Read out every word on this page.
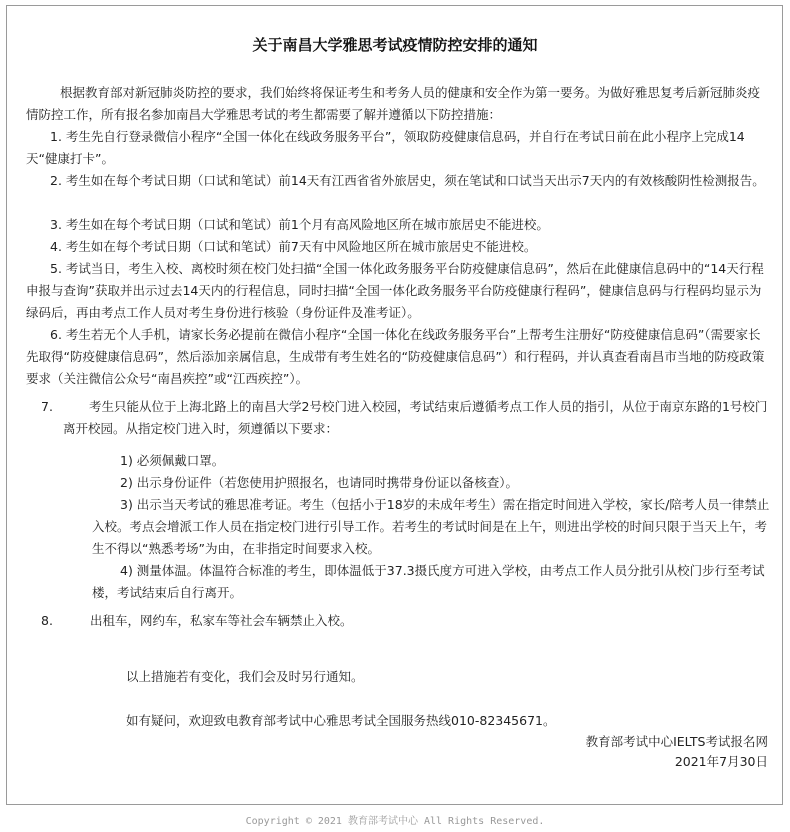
关于南昌大学雅思考试疫情防控安排的通知

根据教育部对新冠肺炎防控的要求，我们始终将保证考生和考务人员的健康和安全作为第一要务。为做好雅思复考后新冠肺炎疫情防控工作，所有报名参加南昌大学雅思考试的考生都需要了解并遵循以下防控措施：

1. 考生先自行登录微信小程序“全国一体化在线政务服务平台”，领取防疫健康信息码，并自行在考试日前在此小程序上完成14天“健康打卡”。

2. 考生如在每个考试日期（口试和笔试）前14天有江西省省外旅居史，须在笔试和口试当天出示7天内的有效核酸阴性检测报告。

3. 考生如在每个考试日期（口试和笔试）前1个月有高风险地区所在城市旅居史不能进校。

4. 考生如在每个考试日期（口试和笔试）前7天有中风险地区所在城市旅居史不能进校。

5. 考试当日，考生入校、离校时须在校门处扫描“全国一体化政务服务平台防疫健康信息码”，然后在此健康信息码中的“14天行程申报与查询”获取并出示过去14天内的行程信息，同时扫描“全国一体化政务服务平台防疫健康行程码”，健康信息码与行程码均显示为绿码后，再由考点工作人员对考生身份进行核验（身份证件及准考证）。

6. 考生若无个人手机，请家长务必提前在微信小程序“全国一体化在线政务服务平台”上帮考生注册好“防疫健康信息码”（需要家长先取得“防疫健康信息码”，然后添加亲属信息，生成带有考生姓名的“防疫健康信息码”）和行程码，并认真查看南昌市当地的防疫政策要求（关注微信公众号“南昌疾控”或“江西疾控”）。

7.	考生只能从位于上海北路上的南昌大学2号校门进入校园，考试结束后遵循考点工作人员的指引，从位于南京东路的1号校门离开校园。从指定校门进入时，须遵循以下要求：

1) 必须佩戴口罩。

2) 出示身份证件（若您使用护照报名，也请同时携带身份证以备核查）。

3) 出示当天考试的雅思准考证。考生（包括小于18岁的未成年考生）需在指定时间进入学校，家长/陪考人员一律禁止入校。考点会增派工作人员在指定校门进行引导工作。若考生的考试时间是在上午，则进出学校的时间只限于当天上午，考生不得以“熟悉考场”为由，在非指定时间要求入校。

4) 测量体温。体温符合标准的考生，即体温低于37.3摄氏度方可进入学校，由考点工作人员分批引从校门步行至考试楼，考试结束后自行离开。

8.	出租车，网约车，私家车等社会车辆禁止入校。

以上措施若有变化，我们会及时另行通知。

如有疑问，欢迎致电教育部考试中心雅思考试全国服务热线010-82345671。

教育部考试中心IELTS考试报名网
2021年7月30日
Copyright © 2021 教育部考试中心 All Rights Reserved.
